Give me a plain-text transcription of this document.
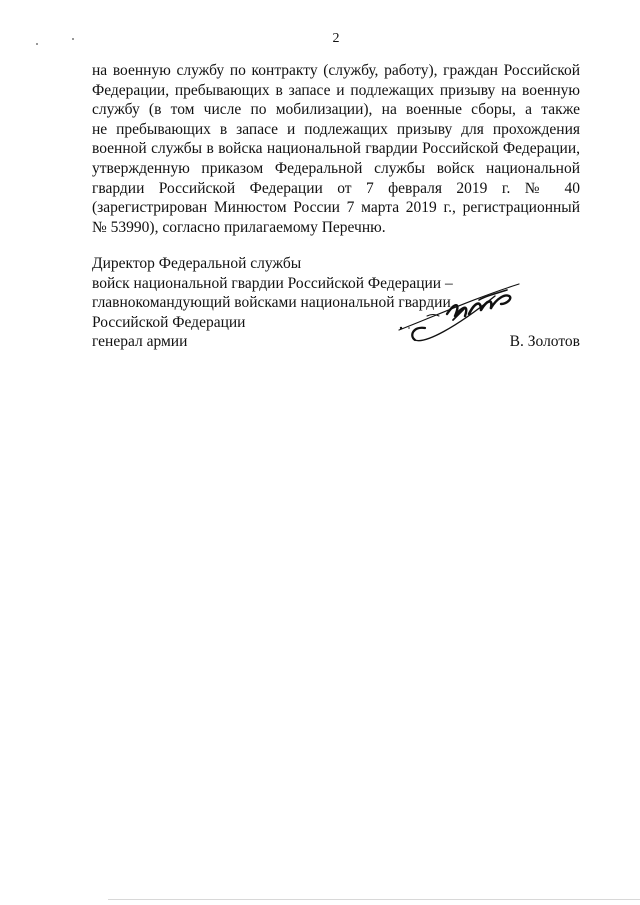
2
на военную службу по контракту (службу, работу), граждан Российской
Федерации, пребывающих в запасе и подлежащих призыву на военную
службу (в том числе по мобилизации), на военные сборы, а также
не пребывающих в запасе и подлежащих призыву для прохождения
военной службы в войска национальной гвардии Российской Федерации,
утвержденную приказом Федеральной службы войск национальной
гвардии Российской Федерации от 7 февраля 2019 г. № 40
(зарегистрирован Минюстом России 7 марта 2019 г., регистрационный
№ 53990), согласно прилагаемому Перечню.
Директор Федеральной службы
войск национальной гвардии Российской Федерации –
главнокомандующий войсками национальной гвардии
Российской Федерации
генерал армии	В. Золотов
